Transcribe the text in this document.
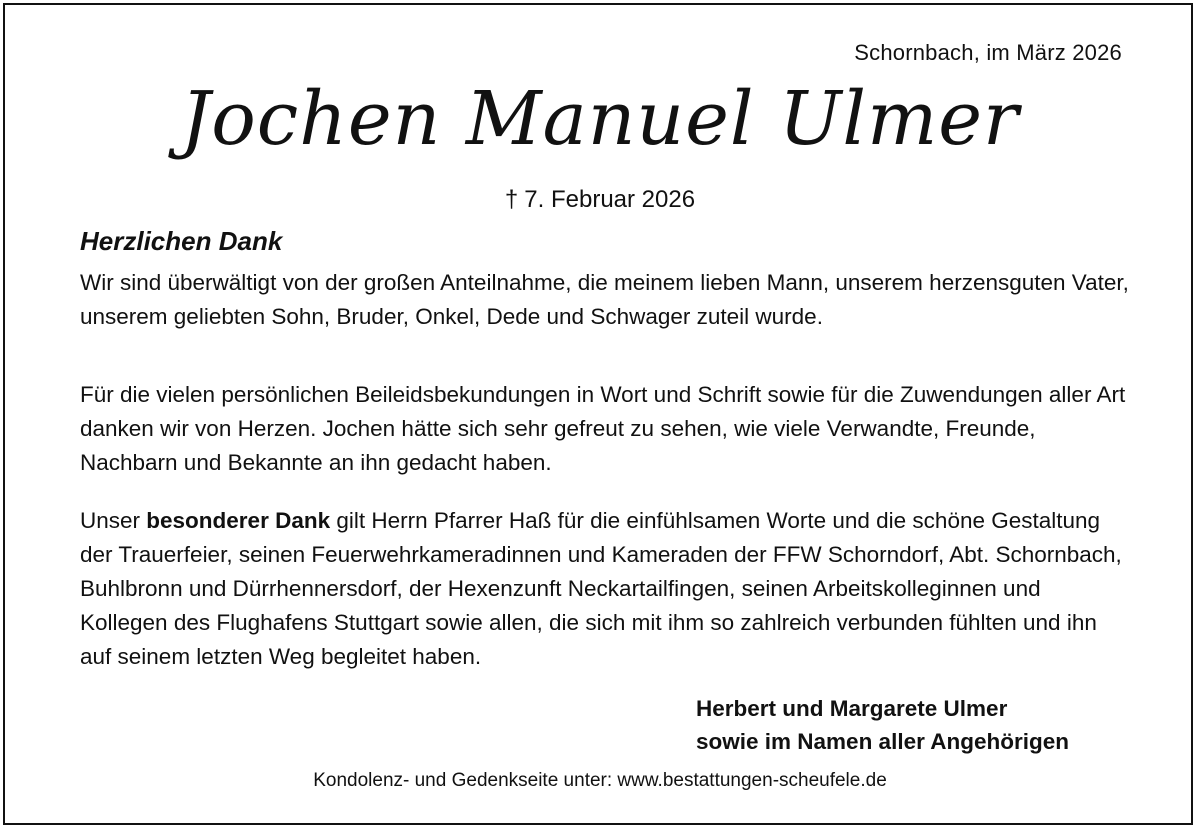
Schornbach, im März 2026
Jochen Manuel Ulmer
† 7. Februar 2026
Herzlichen Dank

Wir sind überwältigt von der großen Anteilnahme, die meinem lieben Mann, unserem herzensguten Vater, unserem geliebten Sohn, Bruder, Onkel, Dede und Schwager zuteil wurde.

Für die vielen persönlichen Beileidsbekundungen in Wort und Schrift sowie für die Zuwendungen aller Art danken wir von Herzen. Jochen hätte sich sehr gefreut zu sehen, wie viele Verwandte, Freunde, Nachbarn und Bekannte an ihn gedacht haben.

Unser besonderer Dank gilt Herrn Pfarrer Haß für die einfühlsamen Worte und die schöne Gestaltung der Trauerfeier, seinen Feuerwehrkameradinnen und Kameraden der FFW Schorndorf, Abt. Schornbach, Buhlbronn und Dürrhennersdorf, der Hexenzunft Neckartailfingen, seinen Arbeitskolleginnen und Kollegen des Flughafens Stuttgart sowie allen, die sich mit ihm so zahlreich verbunden fühlten und ihn auf seinem letzten Weg begleitet haben.

Herbert und Margarete Ulmer
sowie im Namen aller Angehörigen
Kondolenz- und Gedenkseite unter: www.bestattungen-scheufele.de
